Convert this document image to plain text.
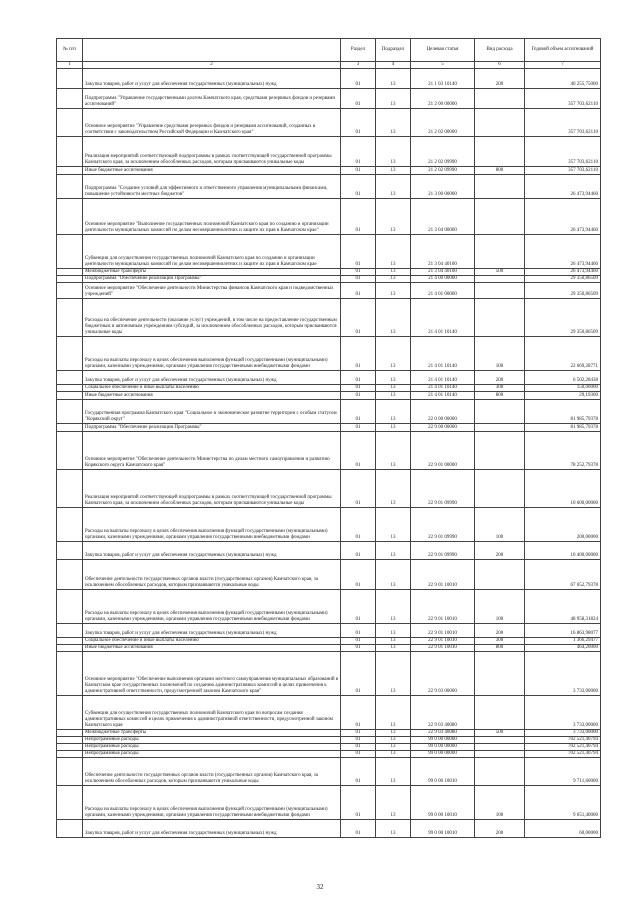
№ п/п		Раздел	Подраздел	Целевая статья	Вид расхода	Годовой объем ассигнований
1	2	3	4	5	6	7
	Закупка товаров, работ и услуг для обеспечения государственных (муниципальных) нужд	01	13	21 1 03 10140	200	40 255,75000
	Подпрограмма "Управление государственными долгом Камчатского края, средствами резервных фондов и резервами ассигнований"	01	13	21 2 00 00000		357 703,62110
	Основное мероприятие "Управление средствами резервных фондов и резервами ассигнований, созданных в соответствии с законодательством Российской Федерации и Камчатского края"	01	13	21 2 02 00000		357 703,62110
	Реализация мероприятий соответствующей подпрограммы в рамках соответствующей государственной программы Камчатского края, за исключением обособленных расходов, которым присваиваются уникальные коды	01	13	21 2 02 09990		357 703,62110
	Иные бюджетные ассигнования	01	13	21 2 02 09990	800	357 703,62110
	Подпрограмма "Создание условий для эффективного и ответственного управления муниципальными финансами, повышение устойчивости местных бюджетов"	01	13	21 3 00 00000		26 473,94460
	Основное мероприятие "Выполнение государственных полномочий Камчатского края по созданию и организации деятельности муниципальных комиссий по делам несовершеннолетних и защите их прав в Камчатском крае"	01	13	21 3 04 00000		26 473,94460
	Субвенции для осуществления государственных полномочий Камчатского края по созданию и организации деятельности муниципальных комиссий по делам несовершеннолетних и защите их прав в Камчатском крае	01	13	21 3 04 40100		26 473,94460
	Межбюджетные трансферты	01	13	21 3 04 40100	500	26 473,94460
	Подпрограмма "Обеспечение реализации Программы"	01	13	21 4 00 00000		29 350,86509
	Основное мероприятие "Обеспечение деятельности Министерства финансов Камчатского края и подведомственных учреждений"	01	13	21 4 01 00000		29 350,86509
	Расходы на обеспечение деятельности (оказание услуг) учреждений, в том числе на предоставление государственным бюджетным и автономным учреждениям субсидий, за исключением обособленных расходов, которым присваиваются уникальные коды	01	13	21 4 01 10140		29 350,86509
	Расходы на выплаты персоналу в целях обеспечения выполнения функций государственными (муниципальными) органами, казенными учреждениями, органами управления государственными внебюджетными фондами	01	13	21 4 01 10140	100	22 669,28771
	Закупка товаров, работ и услуг для обеспечения государственных (муниципальных) нужд	01	13	21 4 01 10140	200	6 502,28438
	Социальное обеспечение и иные выплаты населению	01	13	21 4 01 10140	300	150,00000
	Иные бюджетные ассигнования	01	13	21 4 01 10140	800	29,19300
	Государственная программа Камчатского края "Социальное и экономическое развитие территории с особым статусом "Корякский округ"	01	13	22 0 00 00000		81 985,79378
	Подпрограмма "Обеспечение реализации Программы"	01	13	22 9 00 00000		81 985,79378
	Основное мероприятие "Обеспечение деятельности Министерства по делам местного самоуправления и развитию Корякского округа Камчатского края"	01	13	22 9 01 00000		78 252,79378
	Реализация мероприятий соответствующей подпрограммы в рамках соответствующей государственной программы Камчатского края, за исключением обособленных расходов, которым присваиваются уникальные коды	01	13	22 9 01 09990		10 600,00000
	Расходы на выплаты персоналу в целях обеспечения выполнения функций государственными (муниципальными) органами, казенными учреждениями, органами управления государственными внебюджетными фондами	01	13	22 9 01 09990	100	200,00000
	Закупка товаров, работ и услуг для обеспечения государственных (муниципальных) нужд	01	13	22 9 01 09990	200	10 400,00000
	Обеспечение деятельности государственных органов власти (государственных органов) Камчатского края, за исключением обособленных расходов, которым присваиваются уникальные коды	01	13	22 9 01 10010		67 652,79378
	Расходы на выплаты персоналу в целях обеспечения выполнения функций государственными (муниципальными) органами, казенными учреждениями, органами управления государственными внебюджетными фондами	01	13	22 9 01 10010	100	48 958,31824
	Закупка товаров, работ и услуг для обеспечения государственных (муниципальных) нужд	01	13	22 9 01 10010	200	16 863,98077
	Социальное обеспечение и иные выплаты населению	01	13	22 9 01 10010	300	1 366,29477
	Иные бюджетные ассигнования	01	13	22 9 01 10010	800	464,20000
	Основное мероприятие "Обеспечение выполнения органами местного самоуправления муниципальных образований в Камчатском крае государственных полномочий по созданию административных комиссий в целях привлечения к административной ответственности, предусмотренной законом Камчатского края"	01	13	22 9 03 00000		3 733,00000
	Субвенции для осуществления государственных полномочий Камчатского края по вопросам создания административных комиссий в целях привлечения к административной ответственности, предусмотренной законом Камчатского края	01	13	22 9 03 40080		3 733,00000
	Межбюджетные трансферты	01	13	22 9 03 40080	500	3 733,00000
	Непрограммные расходы	01	13	99 0 00 00000		702 521,40794
	Непрограммные расходы	01	13	99 0 00 00000		702 521,40794
	Непрограммные расходы	01	13	99 0 00 00000		702 521,40794
	Обеспечение деятельности государственных органов власти (государственных органов) Камчатского края, за исключением обособленных расходов, которым присваиваются уникальные коды	01	13	99 0 00 10010		9 711,60000
	Расходы на выплаты персоналу в целях обеспечения выполнения функций государственными (муниципальными) органами, казенными учреждениями, органами управления государственными внебюджетными фондами	01	13	99 0 00 10010	100	9 651,40000
	Закупка товаров, работ и услуг для обеспечения государственных (муниципальных) нужд	01	13	99 0 00 10010	200	60,00000
32
